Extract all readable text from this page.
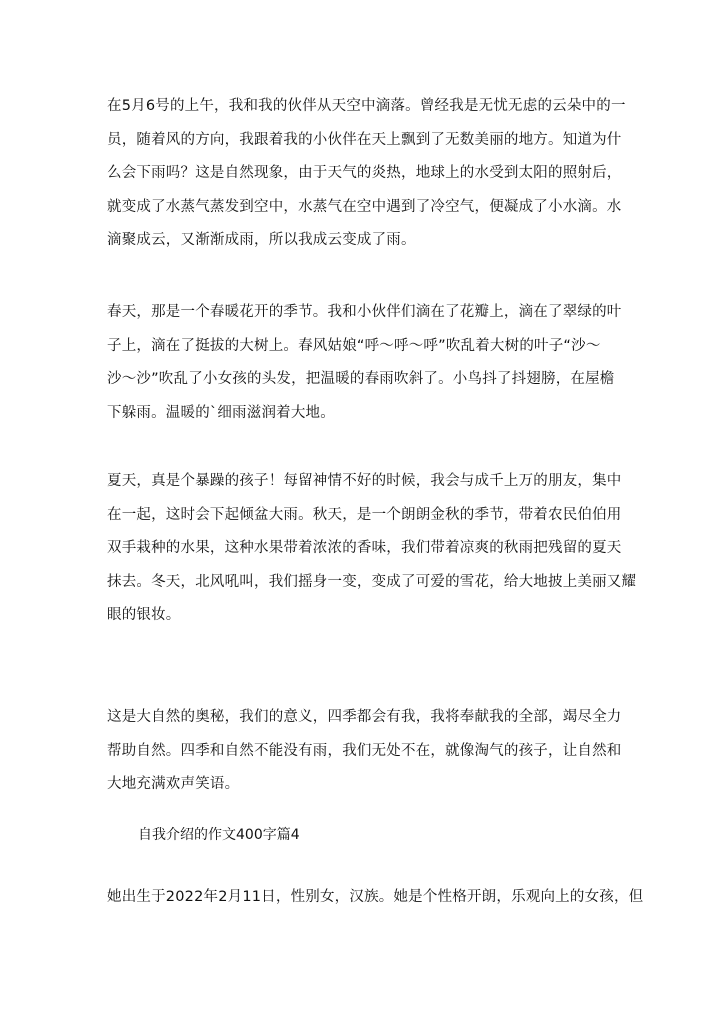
在5月6号的上午，我和我的伙伴从天空中滴落。曾经我是无忧无虑的云朵中的一
员，随着风的方向，我跟着我的小伙伴在天上飘到了无数美丽的地方。知道为什
么会下雨吗？这是自然现象，由于天气的炎热，地球上的水受到太阳的照射后，
就变成了水蒸气蒸发到空中，水蒸气在空中遇到了冷空气，便凝成了小水滴。水
滴聚成云，又渐渐成雨，所以我成云变成了雨。
春天，那是一个春暖花开的季节。我和小伙伴们滴在了花瓣上，滴在了翠绿的叶
子上，滴在了挺拔的大树上。春风姑娘“呼～呼～呼”吹乱着大树的叶子“沙～
沙～沙”吹乱了小女孩的头发，把温暖的春雨吹斜了。小鸟抖了抖翅膀，在屋檐
下躲雨。温暖的`细雨滋润着大地。
夏天，真是个暴躁的孩子！每留神情不好的时候，我会与成千上万的朋友，集中
在一起，这时会下起倾盆大雨。秋天，是一个朗朗金秋的季节，带着农民伯伯用
双手栽种的水果，这种水果带着浓浓的香味，我们带着凉爽的秋雨把残留的夏天
抹去。冬天，北风吼叫，我们摇身一变，变成了可爱的雪花，给大地披上美丽又耀
眼的银妆。
这是大自然的奥秘，我们的意义，四季都会有我，我将奉献我的全部，竭尽全力
帮助自然。四季和自然不能没有雨，我们无处不在，就像淘气的孩子，让自然和
大地充满欢声笑语。
自我介绍的作文400字篇4
她出生于2022年2月11日，性别女，汉族。她是个性格开朗，乐观向上的女孩，但
